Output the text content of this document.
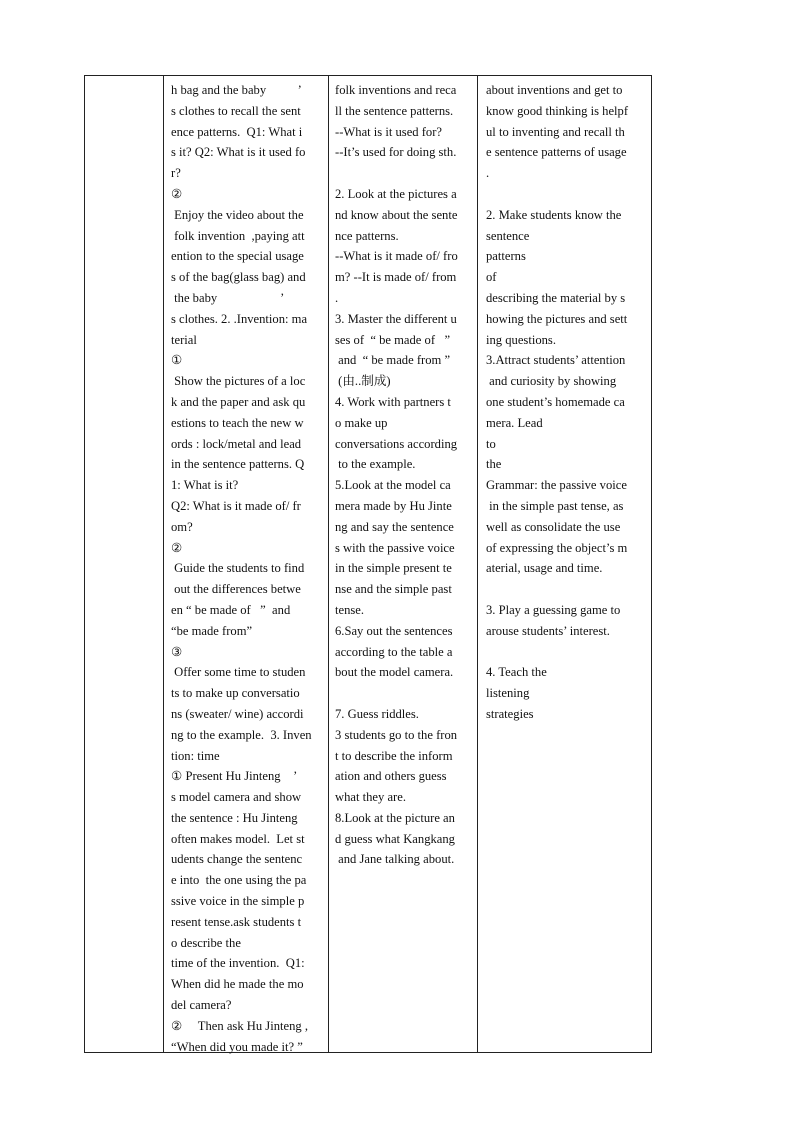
h bag and the baby          ’

s clothes to recall the sent

ence patterns.  Q1: What i

s it? Q2: What is it used fo

r?

②

Enjoy the video about the

folk invention  ,paying att

ention to the special usage

s of the bag(glass bag) and

the baby                    ’

s clothes. 2. .Invention: ma

terial

①

Show the pictures of a loc

k and the paper and ask qu

estions to teach the new w

ords : lock/metal and lead

in the sentence patterns. Q

1: What is it?

Q2: What is it made of/ fr

om?

②

Guide the students to find

out the differences betwe

en “ be made of   ”  and

“be made from”

③

Offer some time to studen

ts to make up conversatio

ns (sweater/ wine) accordi

ng to the example.  3. Inven

tion: time

① Present Hu Jinteng    ’

s model camera and show

the sentence : Hu Jinteng

often makes model.  Let st

udents change the sentenc

e into  the one using the pa

ssive voice in the simple p

resent tense.ask students t

o describe the

time of the invention.  Q1:

When did he made the mo

del camera?

②     Then ask Hu Jinteng ,

“When did you made it? ”

folk inventions and reca

ll the sentence patterns.

--What is it used for?

--It’s used for doing sth.

2. Look at the pictures a

nd know about the sente

nce patterns.

--What is it made of/ fro

m? --It is made of/ from

.

3. Master the different u

ses of  “ be made of   ”

and  “ be made from ”

(由..制成)

4. Work with partners t

o make up

conversations according

to the example.

5.Look at the model ca

mera made by Hu Jinte

ng and say the sentence

s with the passive voice

in the simple present te

nse and the simple past

tense.

6.Say out the sentences

according to the table a

bout the model camera.

7. Guess riddles.

3 students go to the fron

t to describe the inform

ation and others guess

what they are.

8.Look at the picture an

d guess what Kangkang

and Jane talking about.

about inventions and get to

know good thinking is helpf

ul to inventing and recall th

e sentence patterns of usage

.

2. Make students know the

sentence

patterns

of

describing the material by s

howing the pictures and sett

ing questions.

3.Attract students’ attention

and curiosity by showing

one student’s homemade ca

mera. Lead

to

the

Grammar: the passive voice

in the simple past tense, as

well as consolidate the use

of expressing the object’s m

aterial, usage and time.

3. Play a guessing game to

arouse students’ interest.

4. Teach the

listening

strategies
